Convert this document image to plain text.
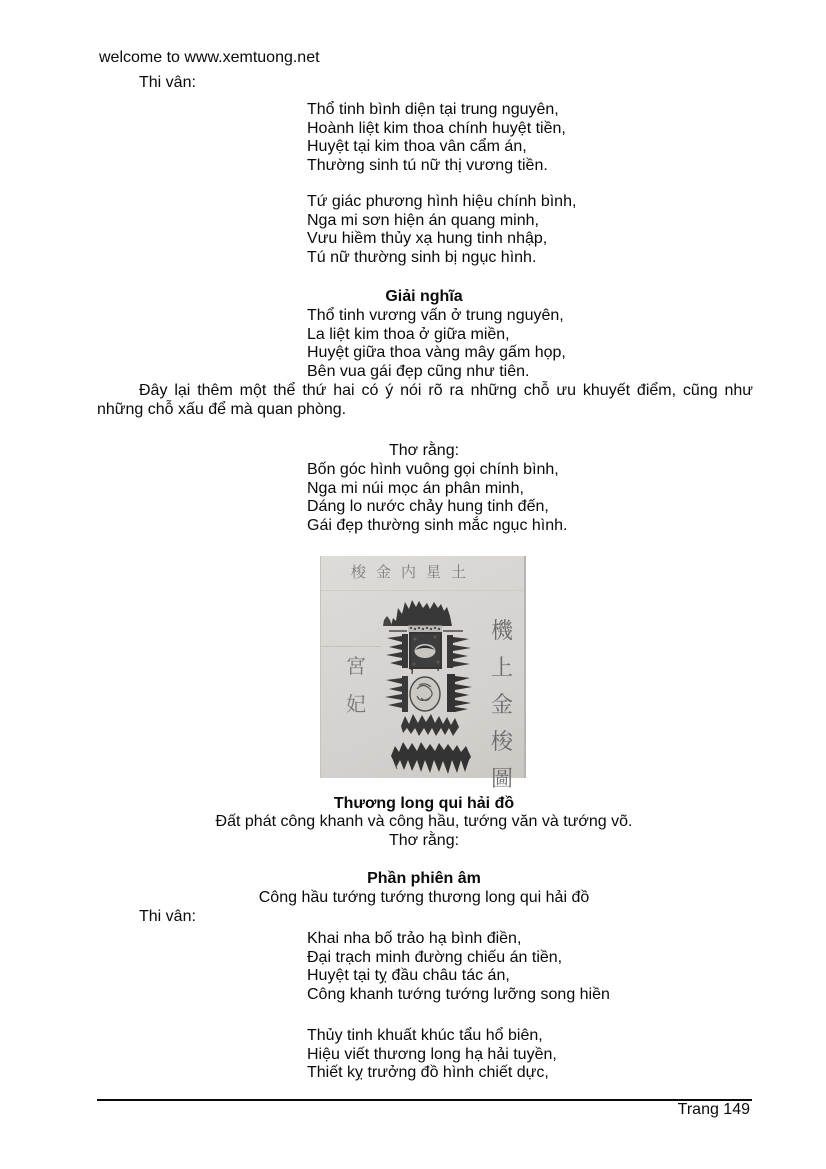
welcome to www.xemtuong.net
Thi vân:
Thổ tinh bình diện tại trung nguyên,
Hoành liệt kim thoa chính huyệt tiền,
Huyệt tại kim thoa vân cẩm án,
Thường sinh tú nữ thị vương tiền.
Tứ giác phương hình hiệu chính bình,
Nga mi sơn hiện án quang minh,
Vưu hiềm thủy xạ hung tinh nhập,
Tú nữ thường sinh bị ngục hình.
Giải nghĩa
Thổ tinh vương vấn ở trung nguyên,
La liệt kim thoa ở giữa miền,
Huyệt giữa thoa vàng mây gấm họp,
Bên vua gái đẹp cũng như tiên.
Đây lại thêm một thể thứ hai có ý nói rõ ra những chỗ ưu khuyết điểm, cũng như những chỗ xấu để mà quan phòng.
Thơ rằng:
Bốn góc hình vuông gọi chính bình,
Nga mi núi mọc án phân minh,
Dáng lo nước chảy hung tinh đến,
Gái đẹp thường sinh mắc ngục hình.
梭金内星土
機
上
金
梭
圖
宮
妃
Thương long qui hải đồ
Đất phát công khanh và công hầu, tướng văn và tướng võ.
Thơ rằng:
Phần phiên âm
Công hầu tướng tướng thương long qui hải đồ
Thi vân:
Khai nha bố trảo hạ bình điền,
Đại trạch minh đường chiếu án tiền,
Huyệt tại tỵ đầu châu tác án,
Công khanh tướng tướng lưỡng song hiền
Thủy tinh khuất khúc tẩu hổ biên,
Hiệu viết thương long hạ hải tuyền,
Thiết kỵ trưởng đồ hình chiết dực,
Trang 149
